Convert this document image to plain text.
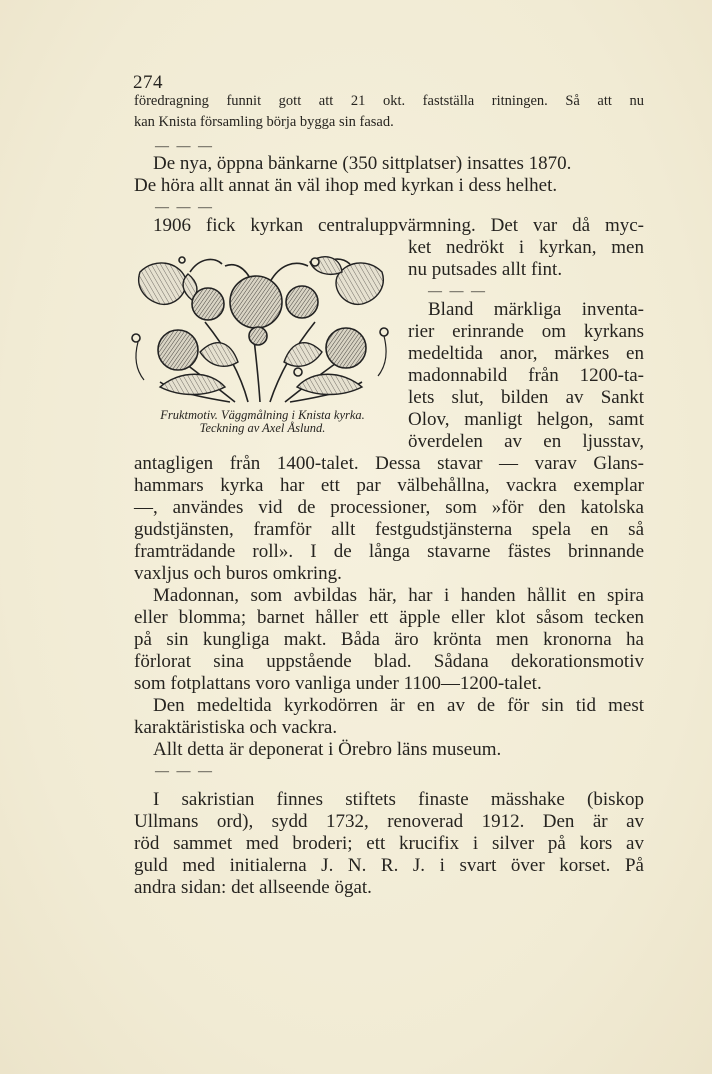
274

föredragning funnit gott att 21 okt. fastställa ritningen. Så att nu

kan Knista församling börja bygga sin fasad.

— — —

De nya, öppna bänkarne (350 sittplatser) insattes 1870.

De höra allt annat än väl ihop med kyrkan i dess helhet.

— — —

1906 fick kyrkan centraluppvärmning. Det var då myc-

ket nedrökt i kyrkan, men

nu putsades allt fint.

— — —

Bland märkliga inventa-

rier erinrande om kyrkans

medeltida anor, märkes en

madonnabild från 1200-ta-

lets slut, bilden av Sankt

Olov, manligt helgon, samt

överdelen av en ljusstav,

Fruktmotiv. Väggmålning i Knista kyrka.
Teckning av Axel Åslund.

antagligen från 1400-talet. Dessa stavar — varav Glans-

hammars kyrka har ett par välbehållna, vackra exemplar

—, användes vid de processioner, som »för den katolska

gudstjänsten, framför allt festgudstjänsterna spela en så

framträdande roll». I de långa stavarne fästes brinnande

vaxljus och buros omkring.

Madonnan, som avbildas här, har i handen hållit en spira

eller blomma; barnet håller ett äpple eller klot såsom tecken

på sin kungliga makt. Båda äro krönta men kronorna ha

förlorat sina uppstående blad. Sådana dekorationsmotiv

som fotplattans voro vanliga under 1100—1200-talet.

Den medeltida kyrkodörren är en av de för sin tid mest

karaktäristiska och vackra.

Allt detta är deponerat i Örebro läns museum.

— — —

I sakristian finnes stiftets finaste mässhake (biskop

Ullmans ord), sydd 1732, renoverad 1912. Den är av

röd sammet med broderi; ett krucifix i silver på kors av

guld med initialerna J. N. R. J. i svart över korset. På

andra sidan: det allseende ögat.
